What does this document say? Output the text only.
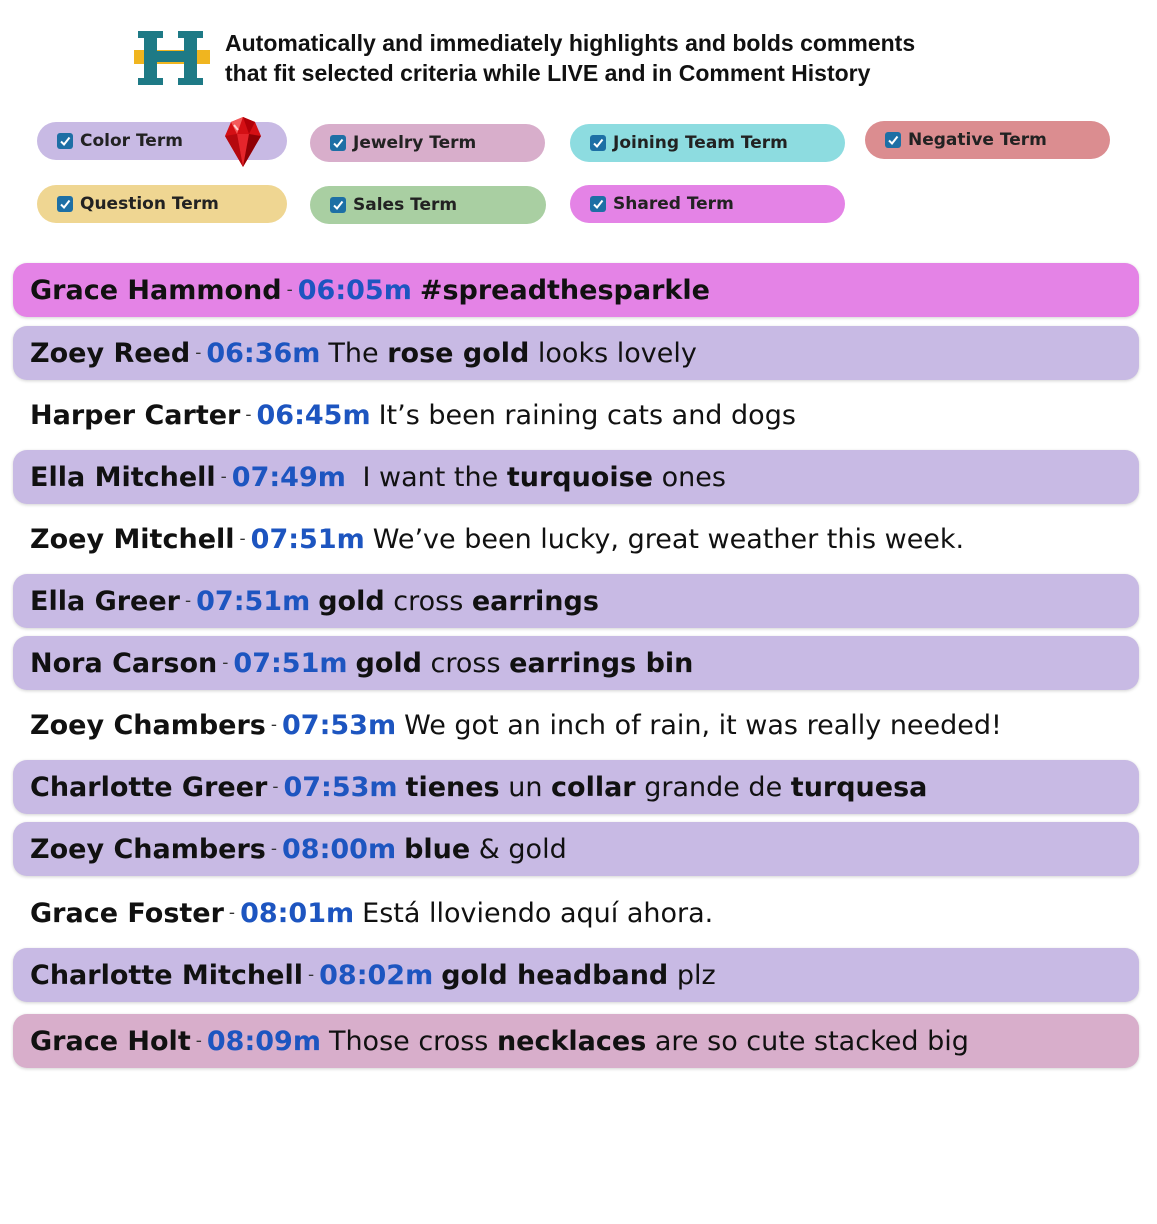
Automatically and immediately highlights and bolds comments
that fit selected criteria while LIVE and in Comment History
Color Term	Jewelry Term	Joining Team Term	Negative Term
Question Term	Sales Term	Shared Term
Grace Hammond - 06:05m #spreadthesparkle
Zoey Reed - 06:36m The rose gold looks lovely
Harper Carter - 06:45m It’s been raining cats and dogs
Ella Mitchell - 07:49m I want the turquoise ones
Zoey Mitchell - 07:51m We’ve been lucky, great weather this week.
Ella Greer - 07:51m gold cross earrings
Nora Carson - 07:51m gold cross earrings bin
Zoey Chambers - 07:53m We got an inch of rain, it was really needed!
Charlotte Greer - 07:53m tienes un collar grande de turquesa
Zoey Chambers - 08:00m blue & gold
Grace Foster - 08:01m Está lloviendo aquí ahora.
Charlotte Mitchell - 08:02m gold headband plz
Grace Holt - 08:09m Those cross necklaces are so cute stacked big
